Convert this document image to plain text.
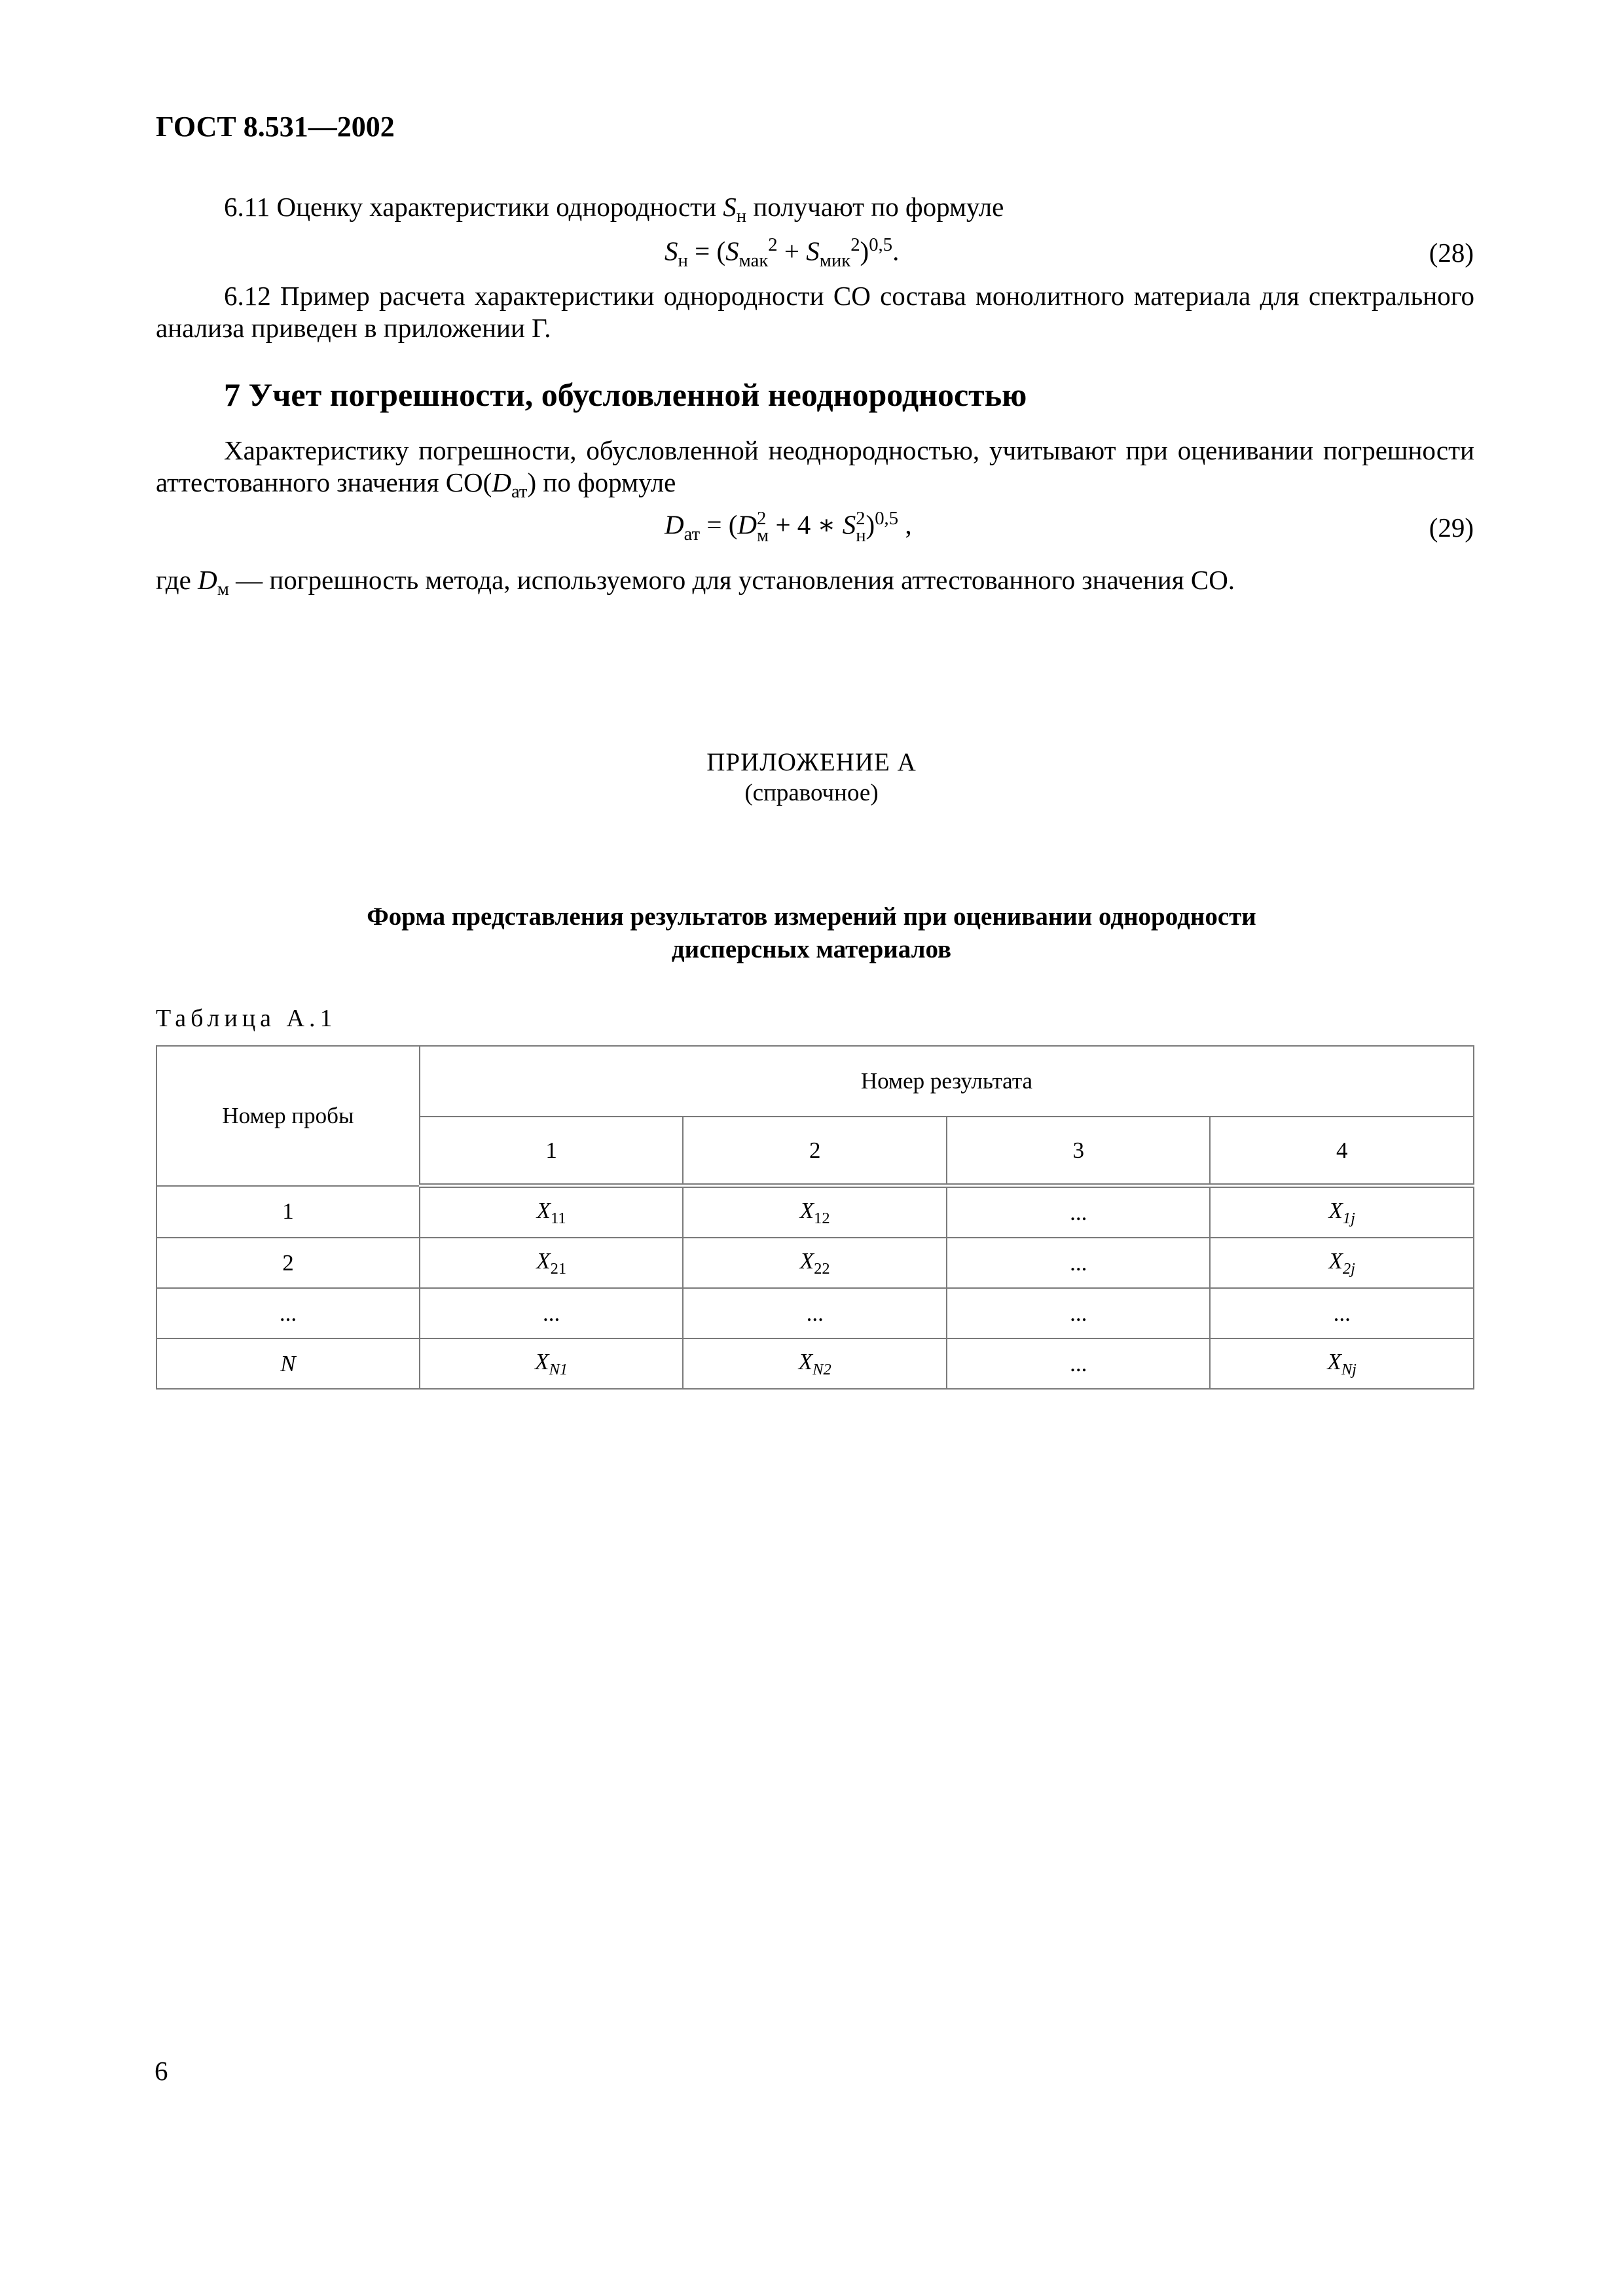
ГОСТ 8.531—2002
6.11 Оценку характеристики однородности $S_н$ получают по формуле
$S_н = (S_{мак}^2 + S_{мик}^2)^{0,5}$.	(28)
6.12 Пример расчета характеристики однородности СО состава монолитного материала для спектрального анализа приведен в приложении Г.
7 Учет погрешности, обусловленной неоднородностью
Характеристику погрешности, обусловленной неоднородностью, учитывают при оценивании погрешности аттестованного значения $СО(D_{ат})$ по формуле
$D_{ат} = (D2$
м + 4 ∗ S2
н)$^{0,5}$ ,	(29)
где $D_м$ — погрешность метода, используемого для установления аттестованного значения СО.
ПРИЛОЖЕНИЕ А
(справочное)
Форма представления результатов измерений при оценивании однородности
дисперсных материалов
Таблица А.1
Номер пробы	Номер результата			
	1	2	3	4
1	$X_{11}$	$X_{12}$	...	$X_{1j}$
2	$X_{21}$	$X_{22}$	...	$X_{2j}$
...	...	...	...	...
N	$X_{N1}$	$X_{N2}$	...	$X_{Nj}$
6
